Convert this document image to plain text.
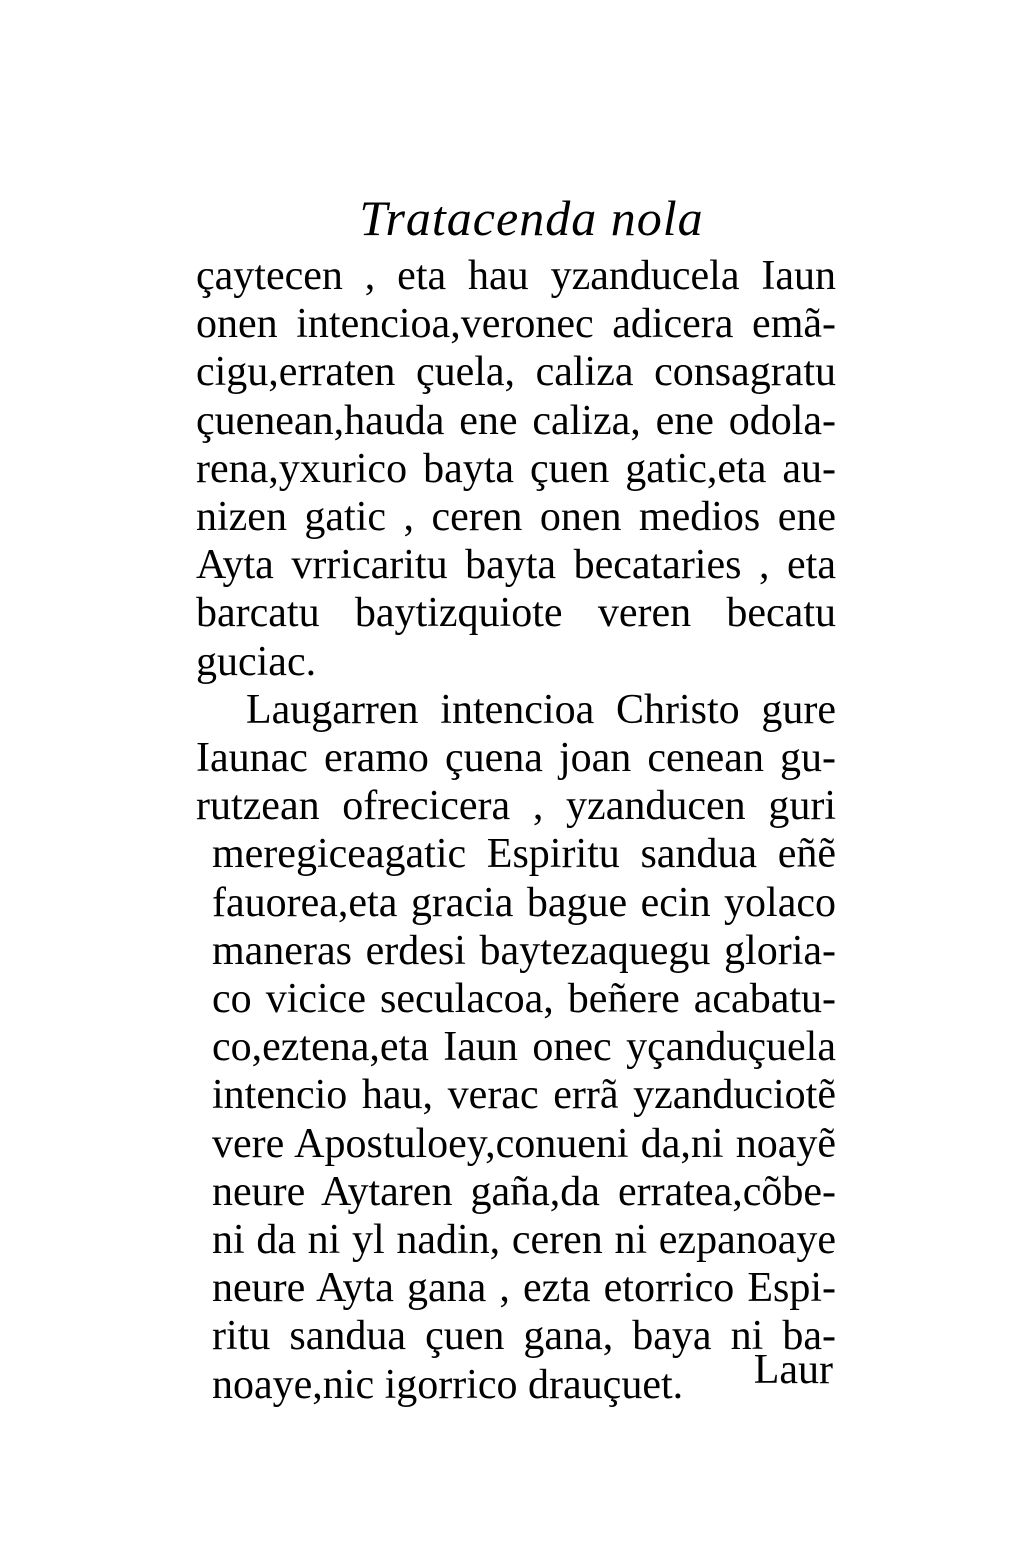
Tratacenda nola
çaytecen , eta hau yzanducela Iaun
onen intencioa,veronec adicera emã-
cigu,erraten çuela, caliza consagratu
çuenean,hauda ene caliza, ene odola-
rena,yxurico bayta çuen gatic,eta au-
nizen gatic , ceren onen medios ene
Ayta vrricaritu bayta becataries , eta
barcatu baytizquiote veren becatu
guciac.
Laugarren intencioa Christo gure
Iaunac eramo çuena joan cenean gu-
rutzean ofrecicera , yzanducen guri
meregiceagatic Espiritu sandua eñẽ
fauorea,eta gracia bague ecin yolaco
maneras erdesi baytezaquegu gloria-
co vicice seculacoa, beñere acabatu-
co,eztena,eta Iaun onec yçanduçuela
intencio hau, verac errã yzanduciotẽ
vere Apostuloey,conueni da,ni noayẽ
neure Aytaren gaña,da erratea,cõbe-
ni da ni yl nadin, ceren ni ezpanoaye
neure Ayta gana , ezta etorrico Espi-
ritu sandua çuen gana, baya ni ba-
noaye,nic igorrico drauçuet.	Laur
